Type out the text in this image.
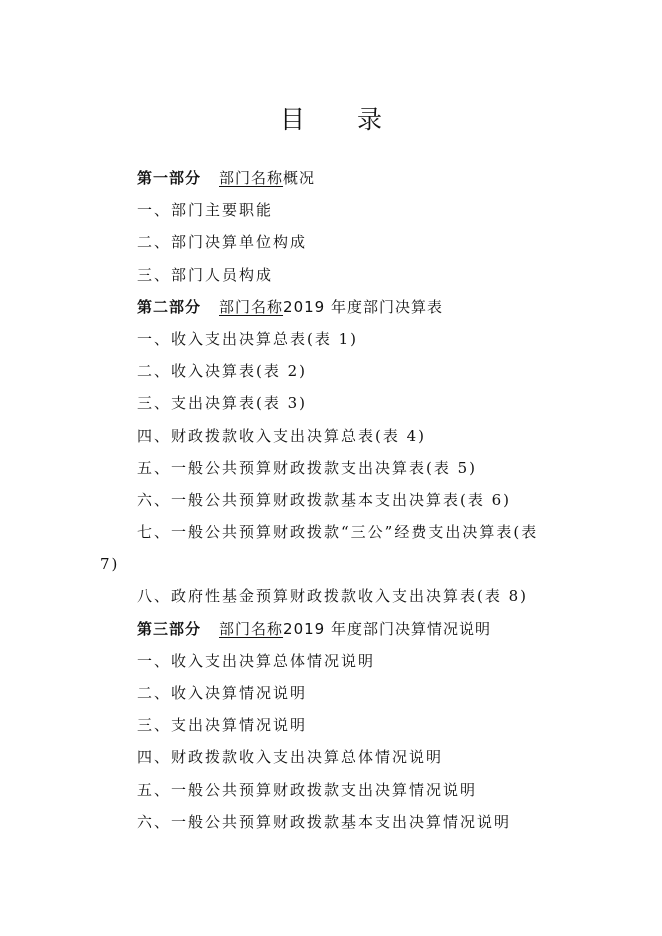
目 录
第一部分 部门名称概况
一、部门主要职能
二、部门决算单位构成
三、部门人员构成
第二部分 部门名称2019 年度部门决算表
一、收入支出决算总表(表 1)
二、收入决算表(表 2)
三、支出决算表(表 3)
四、财政拨款收入支出决算总表(表 4)
五、一般公共预算财政拨款支出决算表(表 5)
六、一般公共预算财政拨款基本支出决算表(表 6)
七、一般公共预算财政拨款“三公”经费支出决算表(表
7)
八、政府性基金预算财政拨款收入支出决算表(表 8)
第三部分 部门名称2019 年度部门决算情况说明
一、收入支出决算总体情况说明
二、收入决算情况说明
三、支出决算情况说明
四、财政拨款收入支出决算总体情况说明
五、一般公共预算财政拨款支出决算情况说明
六、一般公共预算财政拨款基本支出决算情况说明
